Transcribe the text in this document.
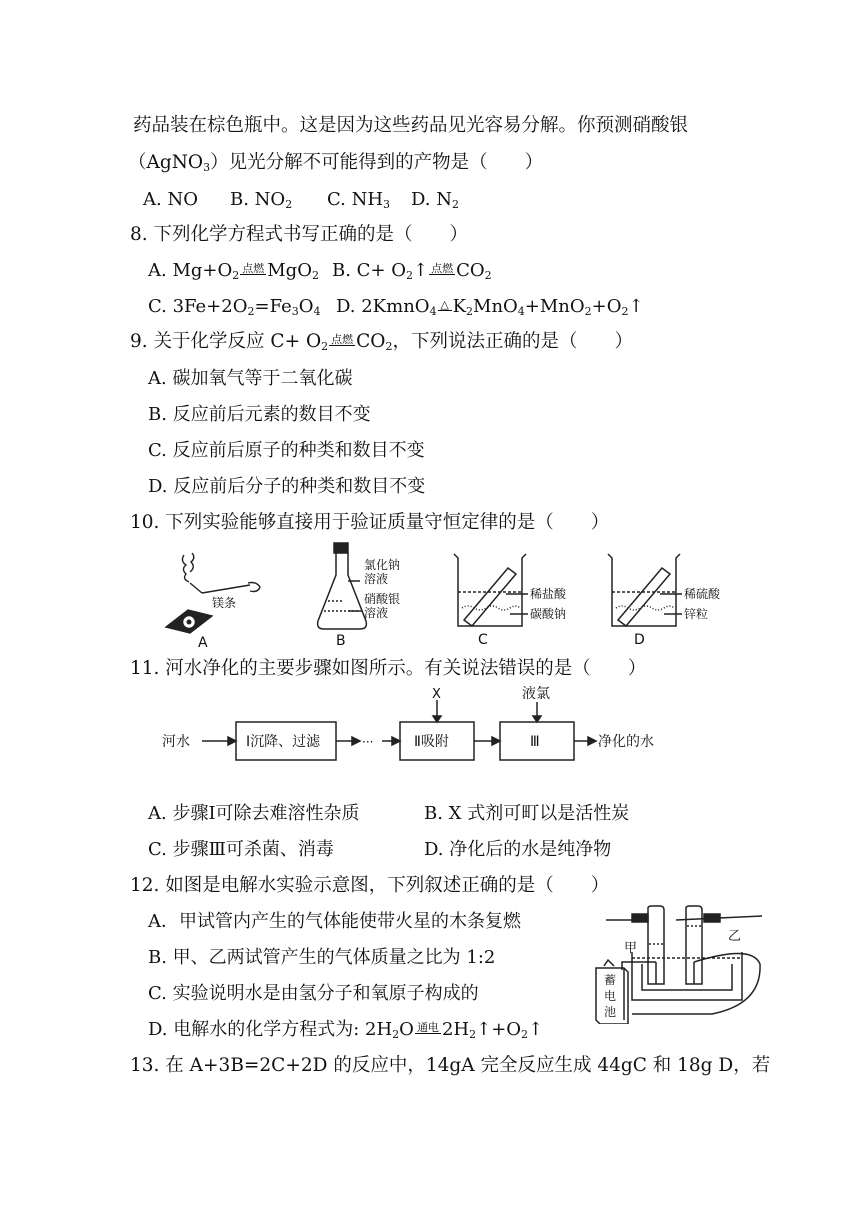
药品装在棕色瓶中。这是因为这些药品见光容易分解。你预测硝酸银
（AgNO$_3$）见光分解不可能得到的产物是（　　）
A. NO B. $NO_2$ C. $NH_3$ D. $N_2$
8. 下列化学方程式书写正确的是（　　）
A. $Mg+O_2$
点燃 MgO$_2$ B. $C+ O_2↑$ 点燃 $CO_2$
C. $3Fe+2O_2=Fe_3O_4$ D. 2KmnO$_4$
△ $K_2MnO_4+MnO_2+O_2↑$
9. 关于化学反应 $C+ O_2$
点燃 $CO_2$，下列说法正确的是（　　）
A. 碳加氧气等于二氧化碳
B. 反应前后元素的数目不变
C. 反应前后原子的种类和数目不变
D. 反应前后分子的种类和数目不变
10. 下列实验能够直接用于验证质量守恒定律的是（　　）
镁条
A
氯化钠
溶液
硝酸银
溶液
B
稀盐酸
碳酸钠
C
稀硫酸
锌粒
D
11. 河水净化的主要步骤如图所示。有关说法错误的是（　　）
河水	Ⅰ沉降、过滤	···	Ⅱ吸附	Ⅲ
X	液氯
净化的水
A. 步骤Ⅰ可除去难溶性杂质	B. X 式剂可町以是活性炭
C. 步骤Ⅲ可杀菌、消毒	D. 净化后的水是纯净物
12. 如图是电解水实验示意图，下列叙述正确的是（　　）
A．甲试管内产生的气体能使带火星的木条复燃
B. 甲、乙两试管产生的气体质量之比为 1:2
C. 实验说明水是由氢分子和氧原子构成的
D. 电解水的化学方程式为: $2H_2O$ 通电 $2H_2↑+O_2↑$
甲
乙
蓄
电
池
13. 在 A+3B=2C+2D 的反应中，14gA 完全反应生成 44gC 和 18g D，若
